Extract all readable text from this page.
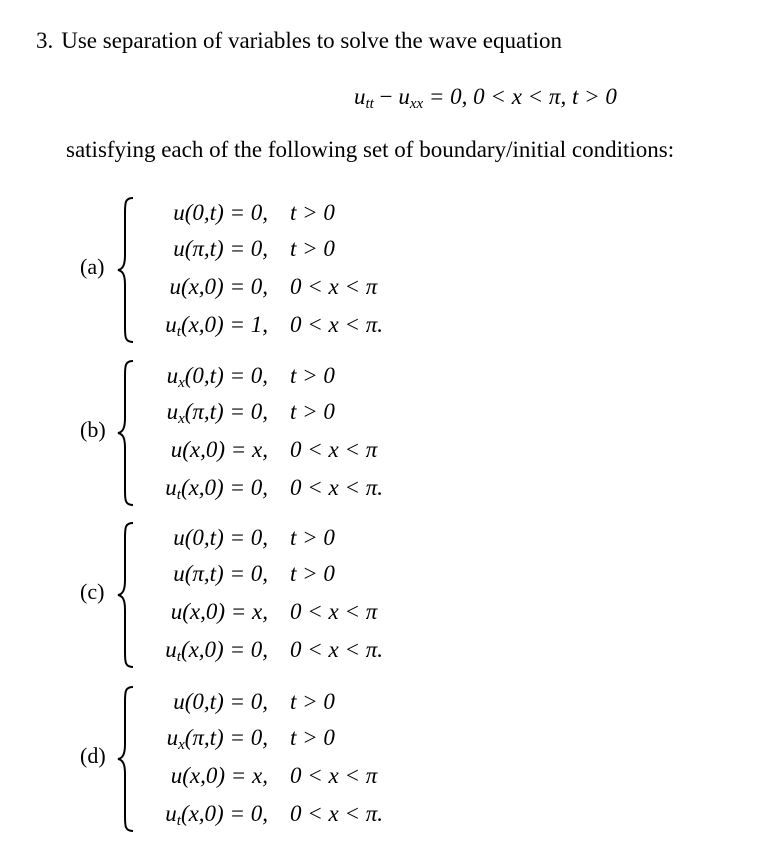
3. Use separation of variables to solve the wave equation
$u_{tt} - u_{xx} = 0$, 0 < x < π, t > 0
satisfying each of the following set of boundary/initial conditions:
(a)
u(0,t) = 0, t > 0
u(π,t) = 0, t > 0
u(x,0) = 0, 0 < x < π
$u_t(x,0) = 1$, 0 < x < π.
(b)
$u_x(0,t) = 0$, t > 0
$u_x(\pi,t) = 0$, t > 0
u(x,0) = x, 0 < x < π
$u_t(x,0) = 0$, 0 < x < π.
(c)
u(0,t) = 0, t > 0
u(π,t) = 0, t > 0
u(x,0) = x, 0 < x < π
$u_t(x,0) = 0$, 0 < x < π.
(d)
u(0,t) = 0, t > 0
$u_x(\pi,t) = 0$, t > 0
u(x,0) = x, 0 < x < π
$u_t(x,0) = 0$, 0 < x < π.
